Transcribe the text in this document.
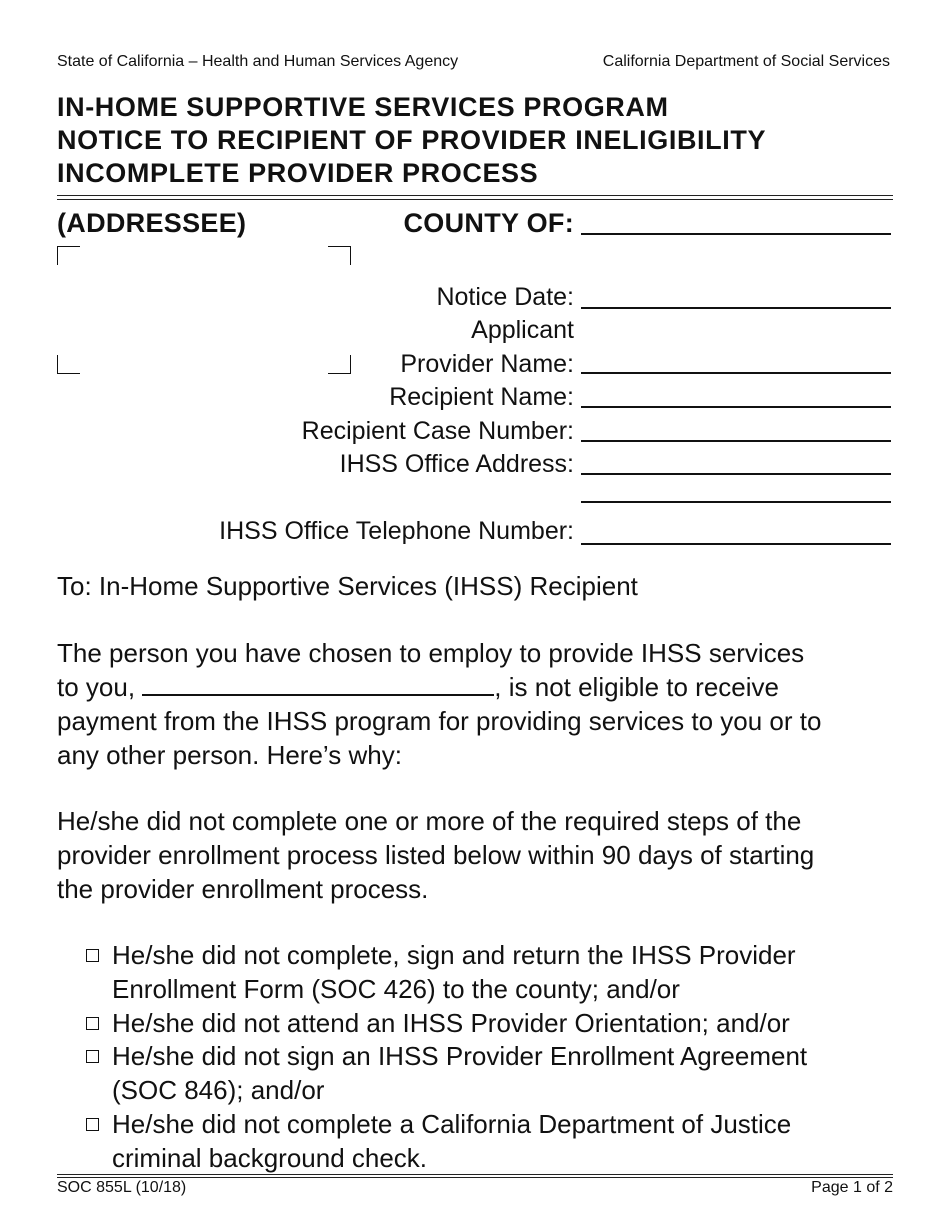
State of California – Health and Human Services Agency	California Department of Social Services
IN-HOME SUPPORTIVE SERVICES PROGRAM
NOTICE TO RECIPIENT OF PROVIDER INELIGIBILITY
INCOMPLETE PROVIDER PROCESS
(ADDRESSEE)	COUNTY OF:
Notice Date:
Applicant
Provider Name:
Recipient Name:
Recipient Case Number:
IHSS Office Address:
IHSS Office Telephone Number:
To: In-Home Supportive Services (IHSS) Recipient
The person you have chosen to employ to provide IHSS services
to you,	, is not eligible to receive
payment from the IHSS program for providing services to you or to
any other person. Here’s why:
He/she did not complete one or more of the required steps of the
provider enrollment process listed below within 90 days of starting
the provider enrollment process.
He/she did not complete, sign and return the IHSS Provider
Enrollment Form (SOC 426) to the county; and/or
He/she did not attend an IHSS Provider Orientation; and/or
He/she did not sign an IHSS Provider Enrollment Agreement
(SOC 846); and/or
He/she did not complete a California Department of Justice
criminal background check.
SOC 855L (10/18)	Page 1 of 2
